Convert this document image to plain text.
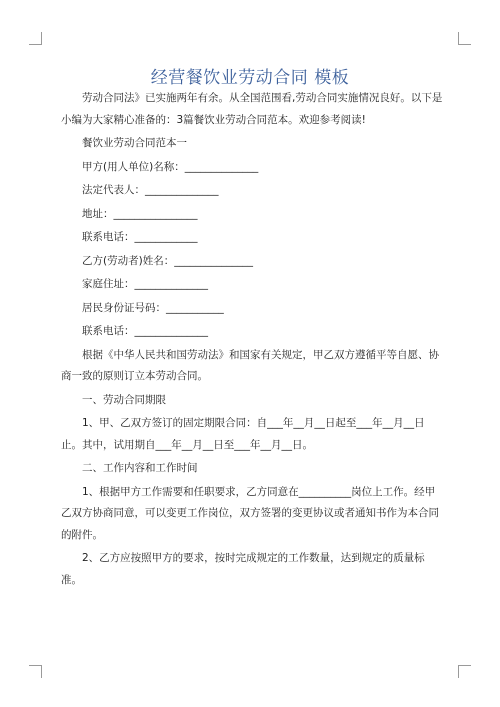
经营餐饮业劳动合同 模板

劳动合同法》已实施两年有余。从全国范围看,劳动合同实施情况良好。以下是小编为大家精心准备的：3篇餐饮业劳动合同范本。欢迎参考阅读!

餐饮业劳动合同范本一

甲方(用人单位)名称：______________

法定代表人：______________

地址：________________

联系电话：____________

乙方(劳动者)姓名：_______________

家庭住址：______________

居民身份证号码：___________

联系电话：______________

根据《中华人民共和国劳动法》和国家有关规定，甲乙双方遵循平等自愿、协商一致的原则订立本劳动合同。

一、劳动合同期限

1、甲、乙双方签订的固定期限合同：自___年__月__日起至___年__月__日止。其中，试用期自___年__月__日至___年__月__日。

二、工作内容和工作时间

1、根据甲方工作需要和任职要求，乙方同意在__________岗位上工作。经甲乙双方协商同意，可以变更工作岗位，双方签署的变更协议或者通知书作为本合同的附件。

2、乙方应按照甲方的要求，按时完成规定的工作数量，达到规定的质量标准。
